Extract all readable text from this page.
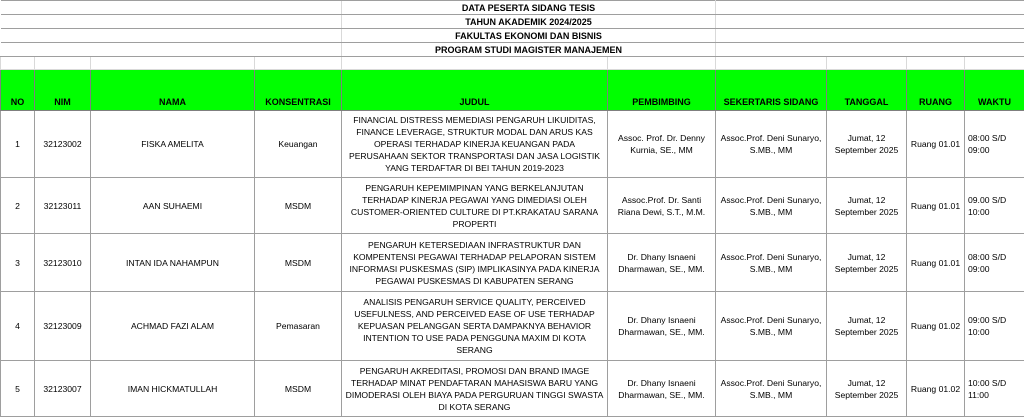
				DATA PESERTA SIDANG TESIS					
				TAHUN AKADEMIK 2024/2025					
				FAKULTAS EKONOMI DAN BISNIS					
				PROGRAM STUDI MAGISTER MANAJEMEN					

NO	NIM	NAMA	KONSENTRASI	JUDUL	PEMBIMBING	SEKERTARIS SIDANG	TANGGAL	RUANG	WAKTU
1	32123002	FISKA AMELITA	Keuangan	FINANCIAL DISTRESS MEMEDIASI PENGARUH LIKUIDITAS, FINANCE LEVERAGE, STRUKTUR MODAL DAN ARUS KAS OPERASI TERHADAP KINERJA KEUANGAN PADA PERUSAHAAN SEKTOR TRANSPORTASI DAN JASA LOGISTIK YANG TERDAFTAR DI BEI TAHUN 2019-2023	Assoc. Prof. Dr. Denny Kurnia, SE., MM	Assoc.Prof. Deni Sunaryo, S.MB., MM	Jumat, 12 September 2025	Ruang 01.01	08:00 S/D 09:00
2	32123011	AAN SUHAEMI	MSDM	PENGARUH KEPEMIMPINAN YANG BERKELANJUTAN TERHADAP KINERJA PEGAWAI YANG DIMEDIASI OLEH CUSTOMER-ORIENTED CULTURE DI PT.KRAKATAU SARANA PROPERTI	Assoc.Prof. Dr. Santi Riana Dewi, S.T., M.M.	Assoc.Prof. Deni Sunaryo, S.MB., MM	Jumat, 12 September 2025	Ruang 01.01	09.00 S/D 10:00
3	32123010	INTAN IDA NAHAMPUN	MSDM	PENGARUH KETERSEDIAAN INFRASTRUKTUR DAN KOMPENTENSI PEGAWAI TERHADAP PELAPORAN SISTEM INFORMASI PUSKESMAS (SIP) IMPLIKASINYA PADA KINERJA PEGAWAI PUSKESMAS DI KABUPATEN SERANG	Dr. Dhany Isnaeni Dharmawan, SE., MM.	Assoc.Prof. Deni Sunaryo, S.MB., MM	Jumat, 12 September 2025	Ruang 01.01	08:00 S/D 09:00
4	32123009	ACHMAD FAZI ALAM	Pemasaran	ANALISIS PENGARUH SERVICE QUALITY, PERCEIVED USEFULNESS, AND PERCEIVED EASE OF USE TERHADAP KEPUASAN PELANGGAN SERTA DAMPAKNYA BEHAVIOR INTENTION TO USE PADA PENGGUNA MAXIM DI KOTA SERANG	Dr. Dhany Isnaeni Dharmawan, SE., MM.	Assoc.Prof. Deni Sunaryo, S.MB., MM	Jumat, 12 September 2025	Ruang 01.02	09:00 S/D 10:00
5	32123007	IMAN HICKMATULLAH	MSDM	PENGARUH AKREDITASI, PROMOSI DAN BRAND IMAGE TERHADAP MINAT PENDAFTARAN MAHASISWA BARU YANG DIMODERASI OLEH BIAYA PADA PERGURUAN TINGGI SWASTA DI KOTA SERANG	Dr. Dhany Isnaeni Dharmawan, SE., MM.	Assoc.Prof. Deni Sunaryo, S.MB., MM	Jumat, 12 September 2025	Ruang 01.02	10:00 S/D 11:00
